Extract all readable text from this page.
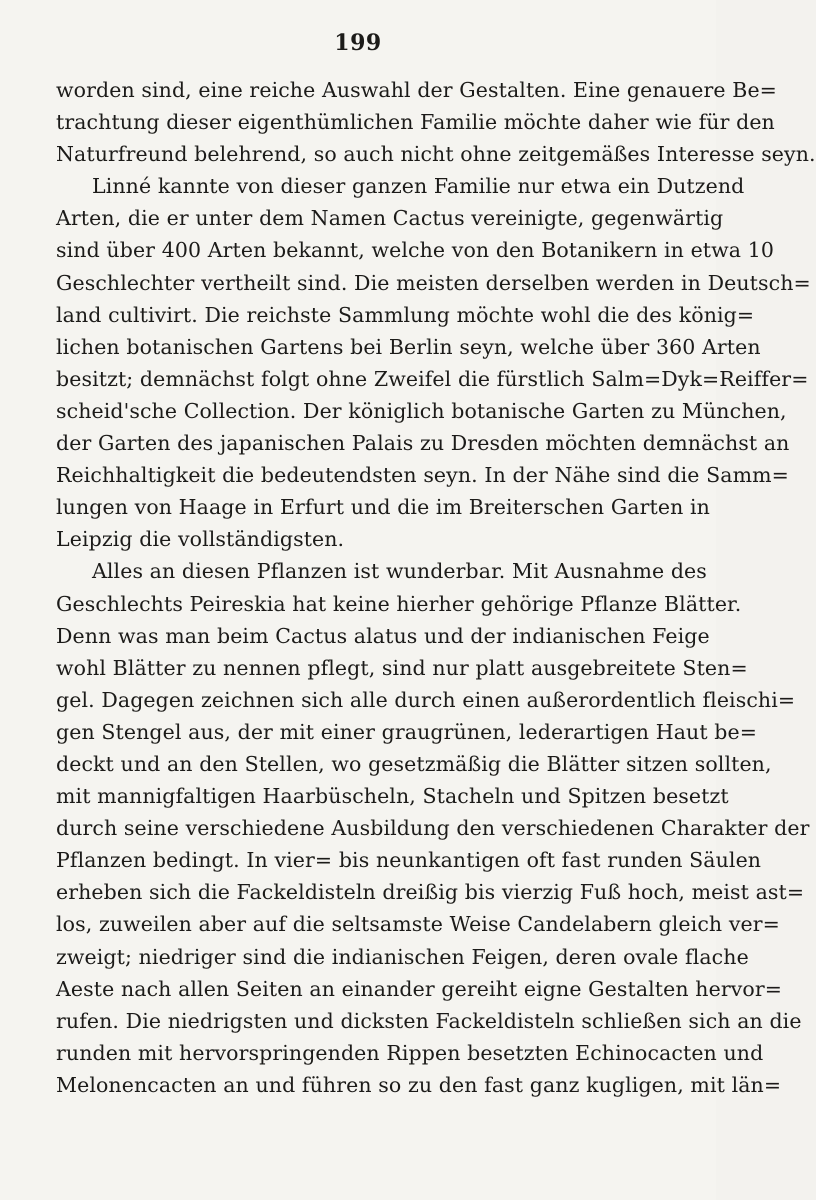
199
worden sind, eine reiche Auswahl der Gestalten. Eine genauere Be=
trachtung dieser eigenthümlichen Familie möchte daher wie für den
Naturfreund belehrend, so auch nicht ohne zeitgemäßes Interesse seyn.
Linné kannte von dieser ganzen Familie nur etwa ein Dutzend
Arten, die er unter dem Namen Cactus vereinigte, gegenwärtig
sind über 400 Arten bekannt, welche von den Botanikern in etwa 10
Geschlechter vertheilt sind. Die meisten derselben werden in Deutsch=
land cultivirt. Die reichste Sammlung möchte wohl die des könig=
lichen botanischen Gartens bei Berlin seyn, welche über 360 Arten
besitzt; demnächst folgt ohne Zweifel die fürstlich Salm=Dyk=Reiffer=
scheid'sche Collection. Der königlich botanische Garten zu München,
der Garten des japanischen Palais zu Dresden möchten demnächst an
Reichhaltigkeit die bedeutendsten seyn. In der Nähe sind die Samm=
lungen von Haage in Erfurt und die im Breiterschen Garten in
Leipzig die vollständigsten.
Alles an diesen Pflanzen ist wunderbar. Mit Ausnahme des
Geschlechts Peireskia hat keine hierher gehörige Pflanze Blätter.
Denn was man beim Cactus alatus und der indianischen Feige
wohl Blätter zu nennen pflegt, sind nur platt ausgebreitete Sten=
gel. Dagegen zeichnen sich alle durch einen außerordentlich fleischi=
gen Stengel aus, der mit einer graugrünen, lederartigen Haut be=
deckt und an den Stellen, wo gesetzmäßig die Blätter sitzen sollten,
mit mannigfaltigen Haarbüscheln, Stacheln und Spitzen besetzt
durch seine verschiedene Ausbildung den verschiedenen Charakter der
Pflanzen bedingt. In vier= bis neunkantigen oft fast runden Säulen
erheben sich die Fackeldisteln dreißig bis vierzig Fuß hoch, meist ast=
los, zuweilen aber auf die seltsamste Weise Candelabern gleich ver=
zweigt; niedriger sind die indianischen Feigen, deren ovale flache
Aeste nach allen Seiten an einander gereiht eigne Gestalten hervor=
rufen. Die niedrigsten und dicksten Fackeldisteln schließen sich an die
runden mit hervorspringenden Rippen besetzten Echinocacten und
Melonencacten an und führen so zu den fast ganz kugligen, mit län=
